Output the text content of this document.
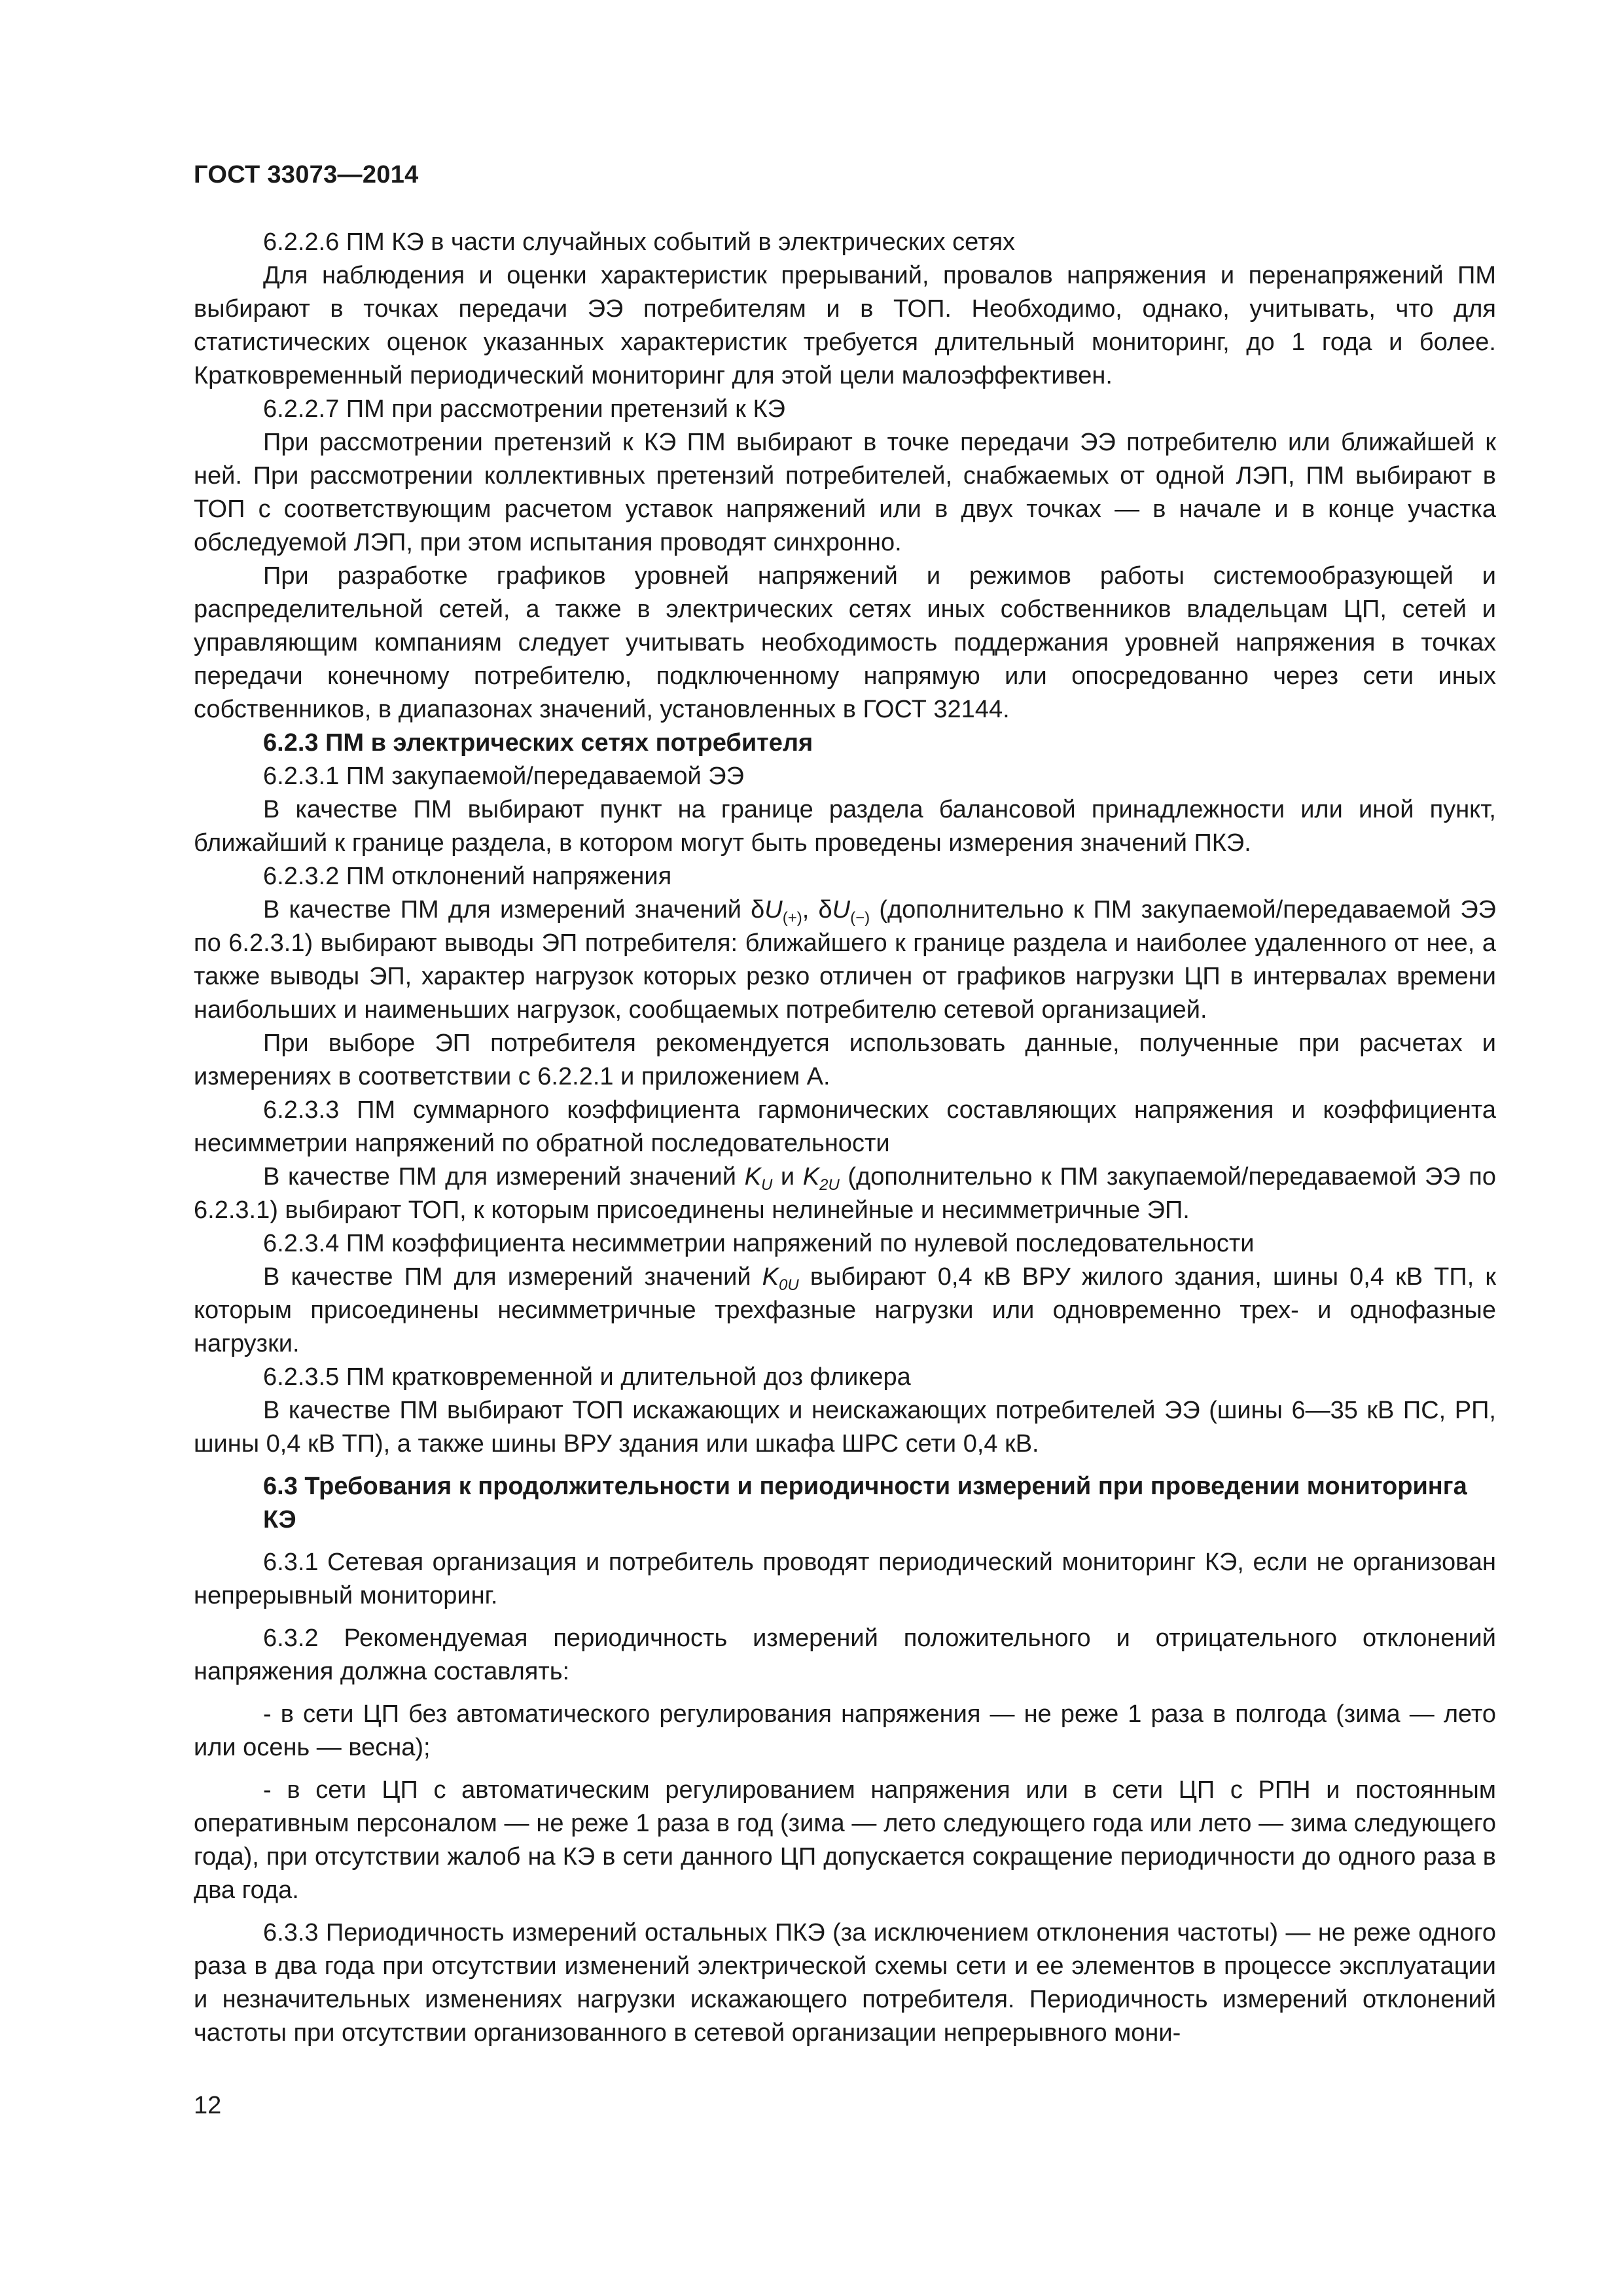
ГОСТ 33073—2014

6.2.2.6 ПМ КЭ в части случайных событий в электрических сетях

Для наблюдения и оценки характеристик прерываний, провалов напряжения и перенапряжений ПМ выбирают в точках передачи ЭЭ потребителям и в ТОП. Необходимо, однако, учитывать, что для статистических оценок указанных характеристик требуется длительный мониторинг, до 1 года и более. Кратковременный периодический мониторинг для этой цели малоэффективен.

6.2.2.7 ПМ при рассмотрении претензий к КЭ

При рассмотрении претензий к КЭ ПМ выбирают в точке передачи ЭЭ потребителю или ближайшей к ней. При рассмотрении коллективных претензий потребителей, снабжаемых от одной ЛЭП, ПМ выбирают в ТОП с соответствующим расчетом уставок напряжений или в двух точках — в начале и в конце участка обследуемой ЛЭП, при этом испытания проводят синхронно.

При разработке графиков уровней напряжений и режимов работы системообразующей и распределительной сетей, а также в электрических сетях иных собственников владельцам ЦП, сетей и управляющим компаниям следует учитывать необходимость поддержания уровней напряжения в точках передачи конечному потребителю, подключенному напрямую или опосредованно через сети иных собственников, в диапазонах значений, установленных в ГОСТ 32144.

6.2.3 ПМ в электрических сетях потребителя

6.2.3.1 ПМ закупаемой/передаваемой ЭЭ

В качестве ПМ выбирают пункт на границе раздела балансовой принадлежности или иной пункт, ближайший к границе раздела, в котором могут быть проведены измерения значений ПКЭ.

6.2.3.2 ПМ отклонений напряжения

В качестве ПМ для измерений значений $\delta U_{(+)}$, $\delta U_{(-)}$ (дополнительно к ПМ закупаемой/передаваемой ЭЭ по 6.2.3.1) выбирают выводы ЭП потребителя: ближайшего к границе раздела и наиболее удаленного от нее, а также выводы ЭП, характер нагрузок которых резко отличен от графиков нагрузки ЦП в интервалах времени наибольших и наименьших нагрузок, сообщаемых потребителю сетевой организацией.

При выборе ЭП потребителя рекомендуется использовать данные, полученные при расчетах и измерениях в соответствии с 6.2.2.1 и приложением А.

6.2.3.3 ПМ суммарного коэффициента гармонических составляющих напряжения и коэффициента несимметрии напряжений по обратной последовательности

В качестве ПМ для измерений значений $K_U$ и $K_{2U}$ (дополнительно к ПМ закупаемой/передаваемой ЭЭ по 6.2.3.1) выбирают ТОП, к которым присоединены нелинейные и несимметричные ЭП.

6.2.3.4 ПМ коэффициента несимметрии напряжений по нулевой последовательности

В качестве ПМ для измерений значений $K_{0U}$ выбирают 0,4 кВ ВРУ жилого здания, шины 0,4 кВ ТП, к которым присоединены несимметричные трехфазные нагрузки или одновременно трех- и однофазные нагрузки.

6.2.3.5 ПМ кратковременной и длительной доз фликера

В качестве ПМ выбирают ТОП искажающих и неискажающих потребителей ЭЭ (шины 6—35 кВ ПС, РП, шины 0,4 кВ ТП), а также шины ВРУ здания или шкафа ШРС сети 0,4 кВ.

6.3 Требования к продолжительности и периодичности измерений при проведении мониторинга КЭ

6.3.1 Сетевая организация и потребитель проводят периодический мониторинг КЭ, если не организован непрерывный мониторинг.

6.3.2 Рекомендуемая периодичность измерений положительного и отрицательного отклонений напряжения должна составлять:

- в сети ЦП без автоматического регулирования напряжения — не реже 1 раза в полгода (зима — лето или осень — весна);

- в сети ЦП с автоматическим регулированием напряжения или в сети ЦП с РПН и постоянным оперативным персоналом — не реже 1 раза в год (зима — лето следующего года или лето — зима следующего года), при отсутствии жалоб на КЭ в сети данного ЦП допускается сокращение периодичности до одного раза в два года.

6.3.3 Периодичность измерений остальных ПКЭ (за исключением отклонения частоты) — не реже одного раза в два года при отсутствии изменений электрической схемы сети и ее элементов в процессе эксплуатации и незначительных изменениях нагрузки искажающего потребителя. Периодичность измерений отклонений частоты при отсутствии организованного в сетевой организации непрерывного мони-

12
